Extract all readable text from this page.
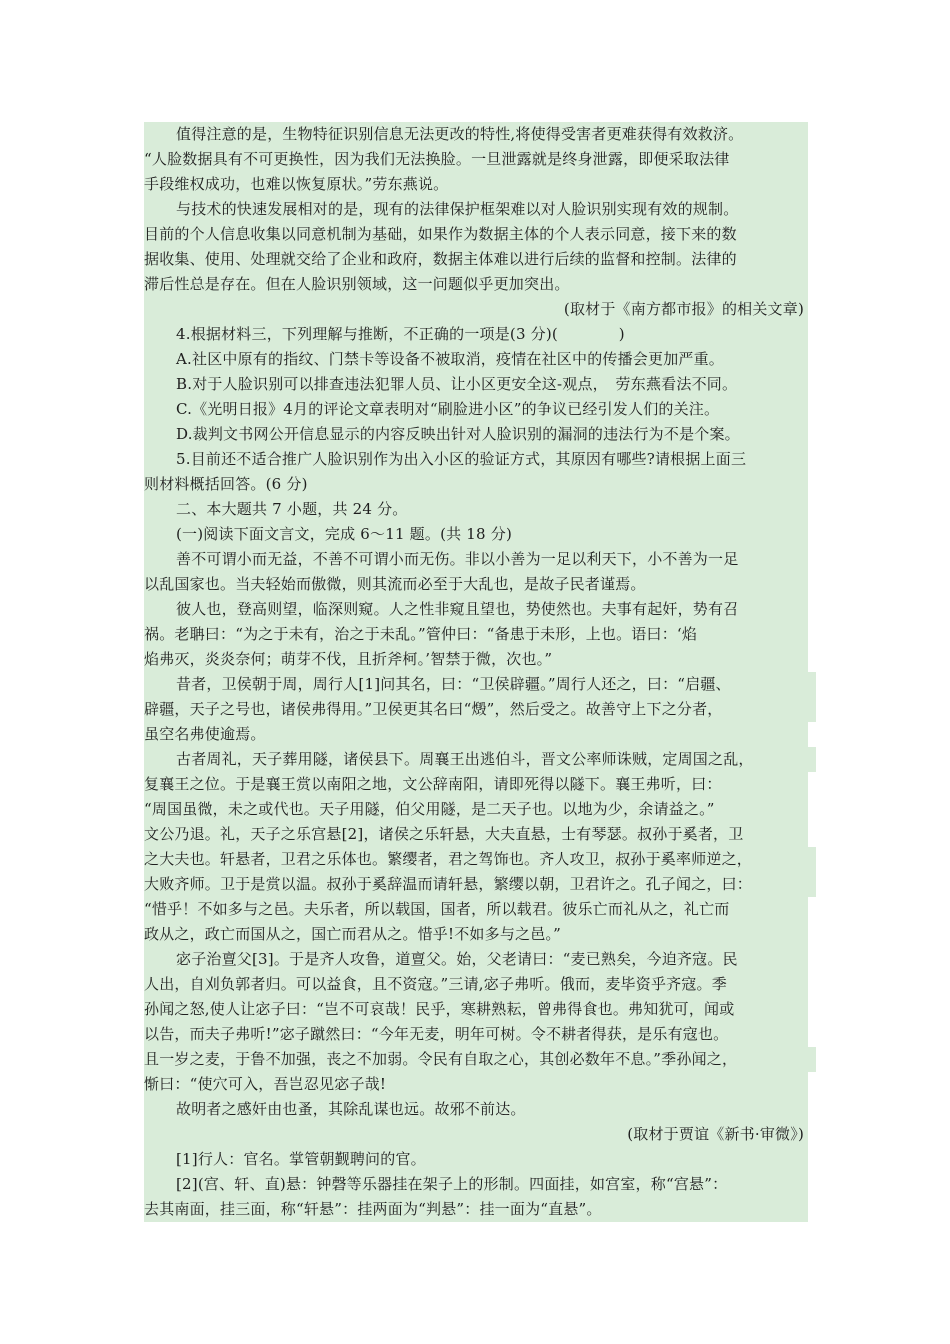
值得注意的是，生物特征识别信息无法更改的特性,将使得受害者更难获得有效救济。
“人脸数据具有不可更换性，因为我们无法换脸。一旦泄露就是终身泄露，即便采取法律
手段维权成功，也难以恢复原状。”劳东燕说。
与技术的快速发展相对的是，现有的法律保护框架难以对人脸识别实现有效的规制。
目前的个人信息收集以同意机制为基础，如果作为数据主体的个人表示同意，接下来的数
据收集、使用、处理就交给了企业和政府，数据主体难以进行后续的监督和控制。法律的
滞后性总是存在。但在人脸识别领域，这一问题似乎更加突出。
(取材于《南方都市报》的相关文章)
4.根据材料三，下列理解与推断，不正确的一项是(3 分)(　　　　)
A.社区中原有的指纹、门禁卡等设备不被取消，疫情在社区中的传播会更加严重。
B.对于人脸识别可以排查违法犯罪人员、让小区更安全这-观点，　劳东燕看法不同。
C.《光明日报》4月的评论文章表明对“刷脸进小区”的争议已经引发人们的关注。
D.裁判文书网公开信息显示的内容反映出针对人脸识别的漏洞的违法行为不是个案。
5.目前还不适合推广人脸识别作为出入小区的验证方式，其原因有哪些?请根据上面三
则材料概括回答。(6 分)
二、本大题共 7 小题，共 24 分。
(一)阅读下面文言文，完成 6～11 题。(共 18 分)
善不可谓小而无益，不善不可谓小而无伤。非以小善为一足以利天下，小不善为一足
以乱国家也。当夫轻始而傲微，则其流而必至于大乱也，是故子民者谨焉。
彼人也，登高则望，临深则窥。人之性非窥且望也，势使然也。夫事有起奸，势有召
祸。老聃曰：“为之于未有，治之于未乱。”管仲曰：“备患于未形，上也。语曰：‘焰
焰弗灭，炎炎奈何；萌芽不伐，且折斧柯。’智禁于微，次也。”
昔者，卫侯朝于周，周行人[1]问其名，曰：“卫侯辟疆。”周行人还之，曰：“启疆、
辟疆，天子之号也，诸侯弗得用。”卫侯更其名曰“燬”，然后受之。故善守上下之分者，
虽空名弗使逾焉。
古者周礼，天子葬用隧，诸侯县下。周襄王出逃伯斗，晋文公率师诛贼，定周国之乱，
复襄王之位。于是襄王赏以南阳之地，文公辞南阳，请即死得以隧下。襄王弗听，曰：
“周国虽微，未之或代也。天子用隧，伯父用隧，是二天子也。以地为少，余请益之。”
文公乃退。礼，天子之乐宫悬[2]，诸侯之乐轩悬，大夫直悬，士有琴瑟。叔孙于奚者，卫
之大夫也。轩悬者，卫君之乐体也。繁缨者，君之驾饰也。齐人攻卫，叔孙于奚率师逆之，
大败齐师。卫于是赏以温。叔孙于奚辞温而请轩悬，繁缨以朝，卫君许之。孔子闻之，曰：
“惜乎！不如多与之邑。夫乐者，所以载国，国者，所以载君。彼乐亡而礼从之，礼亡而
政从之，政亡而国从之，国亡而君从之。惜乎!不如多与之邑。”
宓子治亶父[3]。于是齐人攻鲁，道亶父。始，父老请曰：“麦已熟矣，今迫齐寇。民
人出，自刈负郭者归。可以益食，且不资寇。”三请,宓子弗听。俄而，麦毕资乎齐寇。季
孙闻之怒,使人让宓子曰：“岂不可哀哉！民乎，寒耕熟耘，曾弗得食也。弗知犹可，闻或
以告，而夫子弗听!”宓子蹴然曰：“今年无麦，明年可树。令不耕者得获，是乐有寇也。
且一岁之麦，于鲁不加强，丧之不加弱。令民有自取之心，其创必数年不息。”季孙闻之，
惭曰：“使穴可入，吾岂忍见宓子哉!
故明者之感奸由也蚤，其除乱谋也远。故邪不前达。
(取材于贾谊《新书·审微》)
[1]行人：官名。掌管朝觐聘问的官。
[2](宫、轩、直)悬：钟磬等乐器挂在架子上的形制。四面挂，如宫室，称“宫悬”：
去其南面，挂三面，称“轩悬”：挂两面为“判悬”：挂一面为“直悬”。
